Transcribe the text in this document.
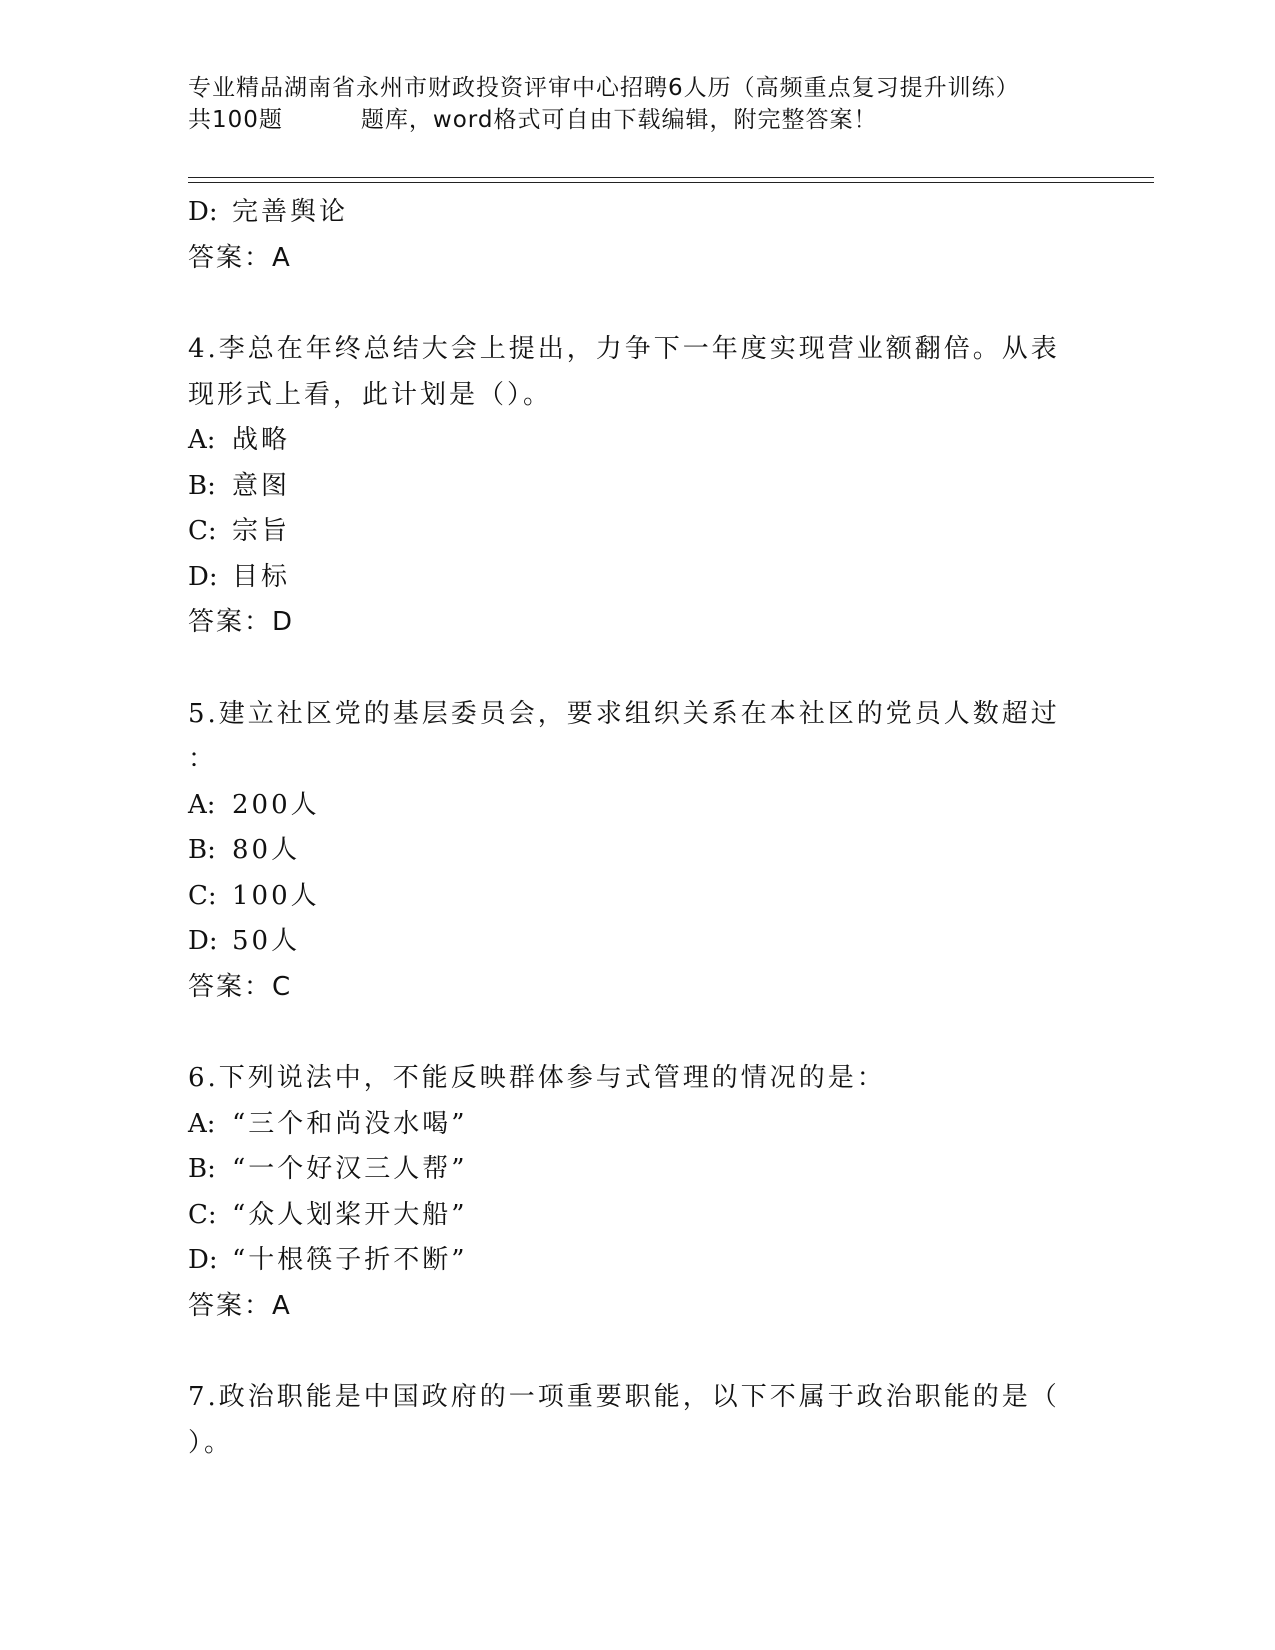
专业精品湖南省永州市财政投资评审中心招聘6人历（高频重点复习提升训练）
共100题	题库，word格式可自由下载编辑，附完整答案！
D: 完善舆论
答案：A
4.李总在年终总结大会上提出，力争下一年度实现营业额翻倍。从表
现形式上看，此计划是（）。
A: 战略
B: 意图
C: 宗旨
D: 目标
答案：D
5.建立社区党的基层委员会，要求组织关系在本社区的党员人数超过
：
A: 200人
B: 80人
C: 100人
D: 50人
答案：C
6.下列说法中，不能反映群体参与式管理的情况的是：
A: “三个和尚没水喝”
B: “一个好汉三人帮”
C: “众人划桨开大船”
D: “十根筷子折不断”
答案：A
7.政治职能是中国政府的一项重要职能，以下不属于政治职能的是（
）。
